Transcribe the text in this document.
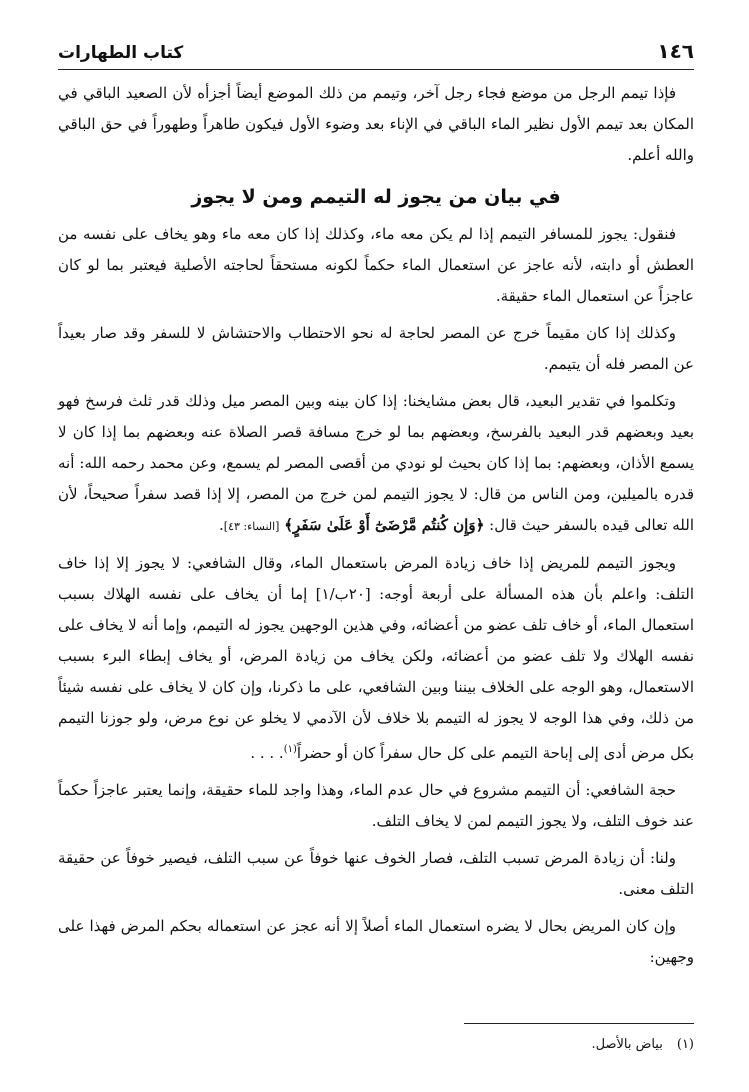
١٤٦
كتاب الطهارات

فإذا تيمم الرجل من موضع فجاء رجل آخر، وتيمم من ذلك الموضع أيضاً أجزأه لأن الصعيد الباقي في المكان بعد تيمم الأول نظير الماء الباقي في الإناء بعد وضوء الأول فيكون طاهراً وطهوراً في حق الباقي والله أعلم.

في بيان من يجوز له التيمم ومن لا يجوز

فنقول: يجوز للمسافر التيمم إذا لم يكن معه ماء، وكذلك إذا كان معه ماء وهو يخاف على نفسه من العطش أو دابته، لأنه عاجز عن استعمال الماء حكماً لكونه مستحقاً لحاجته الأصلية فيعتبر بما لو كان عاجزاً عن استعمال الماء حقيقة.

وكذلك إذا كان مقيماً خرج عن المصر لحاجة له نحو الاحتطاب والاحتشاش لا للسفر وقد صار بعيداً عن المصر فله أن يتيمم.

وتكلموا في تقدير البعيد، قال بعض مشايخنا: إذا كان بينه وبين المصر ميل وذلك قدر ثلث فرسخ فهو بعيد وبعضهم قدر البعيد بالفرسخ، وبعضهم بما لو خرج مسافة قصر الصلاة عنه وبعضهم بما إذا كان لا يسمع الأذان، وبعضهم: بما إذا كان بحيث لو نودي من أقصى المصر لم يسمع، وعن محمد رحمه الله: أنه قدره بالميلين، ومن الناس من قال: لا يجوز التيمم لمن خرج من المصر، إلا إذا قصد سفراً صحيحاً، لأن الله تعالى قيده بالسفر حيث قال: ﴿وَإِن كُنتُم مَّرْضَىٰٓ أَوْ عَلَىٰ سَفَرٍ﴾ [النساء: ٤٣].

ويجوز التيمم للمريض إذا خاف زيادة المرض باستعمال الماء، وقال الشافعي: لا يجوز إلا إذا خاف التلف: واعلم بأن هذه المسألة على أربعة أوجه: [٢٠ب/١] إما أن يخاف على نفسه الهلاك بسبب استعمال الماء، أو خاف تلف عضو من أعضائه، وفي هذين الوجهين يجوز له التيمم، وإما أنه لا يخاف على نفسه الهلاك ولا تلف عضو من أعضائه، ولكن يخاف من زيادة المرض، أو يخاف إبطاء البرء بسبب الاستعمال، وهو الوجه على الخلاف بيننا وبين الشافعي، على ما ذكرنا، وإن كان لا يخاف على نفسه شيئاً من ذلك، وفي هذا الوجه لا يجوز له التيمم بلا خلاف لأن الآدمي لا يخلو عن نوع مرض، ولو جوزنا التيمم بكل مرض أدى إلى إباحة التيمم على كل حال سفراً كان أو حضراً$^{(١)}$. . . .

حجة الشافعي: أن التيمم مشروع في حال عدم الماء، وهذا واجد للماء حقيقة، وإنما يعتبر عاجزاً حكماً عند خوف التلف، ولا يجوز التيمم لمن لا يخاف التلف.

ولنا: أن زيادة المرض تسبب التلف، فصار الخوف عنها خوفاً عن سبب التلف، فيصير خوفاً عن حقيقة التلف معنى.

وإن كان المريض بحال لا يضره استعمال الماء أصلاً إلا أنه عجز عن استعماله بحكم المرض فهذا على وجهين:

(١)بياض بالأصل.
